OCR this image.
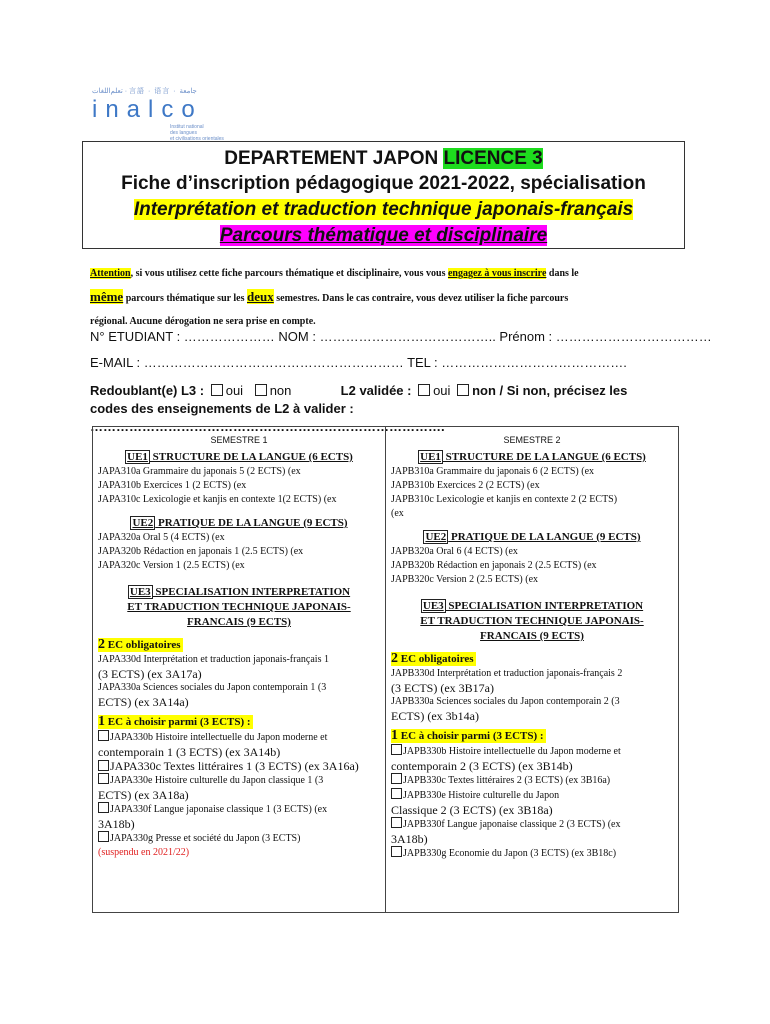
تعلم‌اللغات · 言語 · 语言 · جامعة
inalco
Institut national
des langues
et civilisations orientales
DEPARTEMENT JAPON LICENCE 3
Fiche d’inscription pédagogique 2021-2022, spécialisation
Interprétation et traduction technique japonais-français
Parcours thématique et disciplinaire
Attention, si vous utilisez cette fiche parcours thématique et disciplinaire, vous vous engagez à vous inscrire dans le
même parcours thématique sur les deux semestres. Dans le cas contraire, vous devez utiliser la fiche parcours
régional. Aucune dérogation ne sera prise en compte.
N° ETUDIANT : ………………… NOM : ………………………………….. Prénom : ………………………………
E-MAIL : …………………………………………………… TEL : …………………………………….
Redoublant(e) L3 : oui non	L2 validée : oui non / Si non, précisez les
codes des enseignements de L2 à valider : ……………………………………………………………………….
SEMESTRE 1
UE1 STRUCTURE DE LA LANGUE (6 ECTS)
JAPA310a Grammaire du japonais 5 (2 ECTS) (ex
JAPA310b Exercices 1 (2 ECTS) (ex
JAPA310c Lexicologie et kanjis en contexte 1(2 ECTS) (ex
UE2 PRATIQUE DE LA LANGUE (9 ECTS)
JAPA320a Oral 5 (4 ECTS) (ex
JAPA320b Rédaction en japonais 1 (2.5 ECTS) (ex
JAPA320c Version 1 (2.5 ECTS) (ex
UE3 SPECIALISATION INTERPRETATION
ET TRADUCTION TECHNIQUE JAPONAIS-
FRANCAIS (9 ECTS)
2 EC obligatoires
JAPA330d Interprétation et traduction japonais-français 1
(3 ECTS) (ex 3A17a)
JAPA330a Sciences sociales du Japon contemporain 1 (3
ECTS) (ex 3A14a)
1 EC à choisir parmi (3 ECTS) :
JAPA330b Histoire intellectuelle du Japon moderne et
contemporain 1 (3 ECTS) (ex 3A14b)
JAPA330c Textes littéraires 1 (3 ECTS) (ex 3A16a)
JAPA330e Histoire culturelle du Japon classique 1 (3
ECTS) (ex 3A18a)
JAPA330f Langue japonaise classique 1 (3 ECTS) (ex
3A18b)
JAPA330g Presse et société du Japon (3 ECTS)
(suspendu en 2021/22)
SEMESTRE 2
UE1 STRUCTURE DE LA LANGUE (6 ECTS)
JAPB310a Grammaire du japonais 6 (2 ECTS) (ex
JAPB310b Exercices 2 (2 ECTS) (ex
JAPB310c Lexicologie et kanjis en contexte 2 (2 ECTS)
(ex
UE2 PRATIQUE DE LA LANGUE (9 ECTS)
JAPB320a Oral 6 (4 ECTS) (ex
JAPB320b Rédaction en japonais 2 (2.5 ECTS) (ex
JAPB320c Version 2 (2.5 ECTS) (ex
UE3 SPECIALISATION INTERPRETATION
ET TRADUCTION TECHNIQUE JAPONAIS-
FRANCAIS (9 ECTS)
2 EC obligatoires
JAPB330d Interprétation et traduction japonais-français 2
(3 ECTS) (ex 3B17a)
JAPB330a Sciences sociales du Japon contemporain 2 (3
ECTS) (ex 3b14a)
1 EC à choisir parmi (3 ECTS) :
JAPB330b Histoire intellectuelle du Japon moderne et
contemporain 2 (3 ECTS) (ex 3B14b)
JAPB330c Textes littéraires 2 (3 ECTS) (ex 3B16a)
JAPB330e Histoire culturelle du Japon
Classique 2 (3 ECTS) (ex 3B18a)
JAPB330f Langue japonaise classique 2 (3 ECTS) (ex
3A18b)
JAPB330g Economie du Japon (3 ECTS) (ex 3B18c)
